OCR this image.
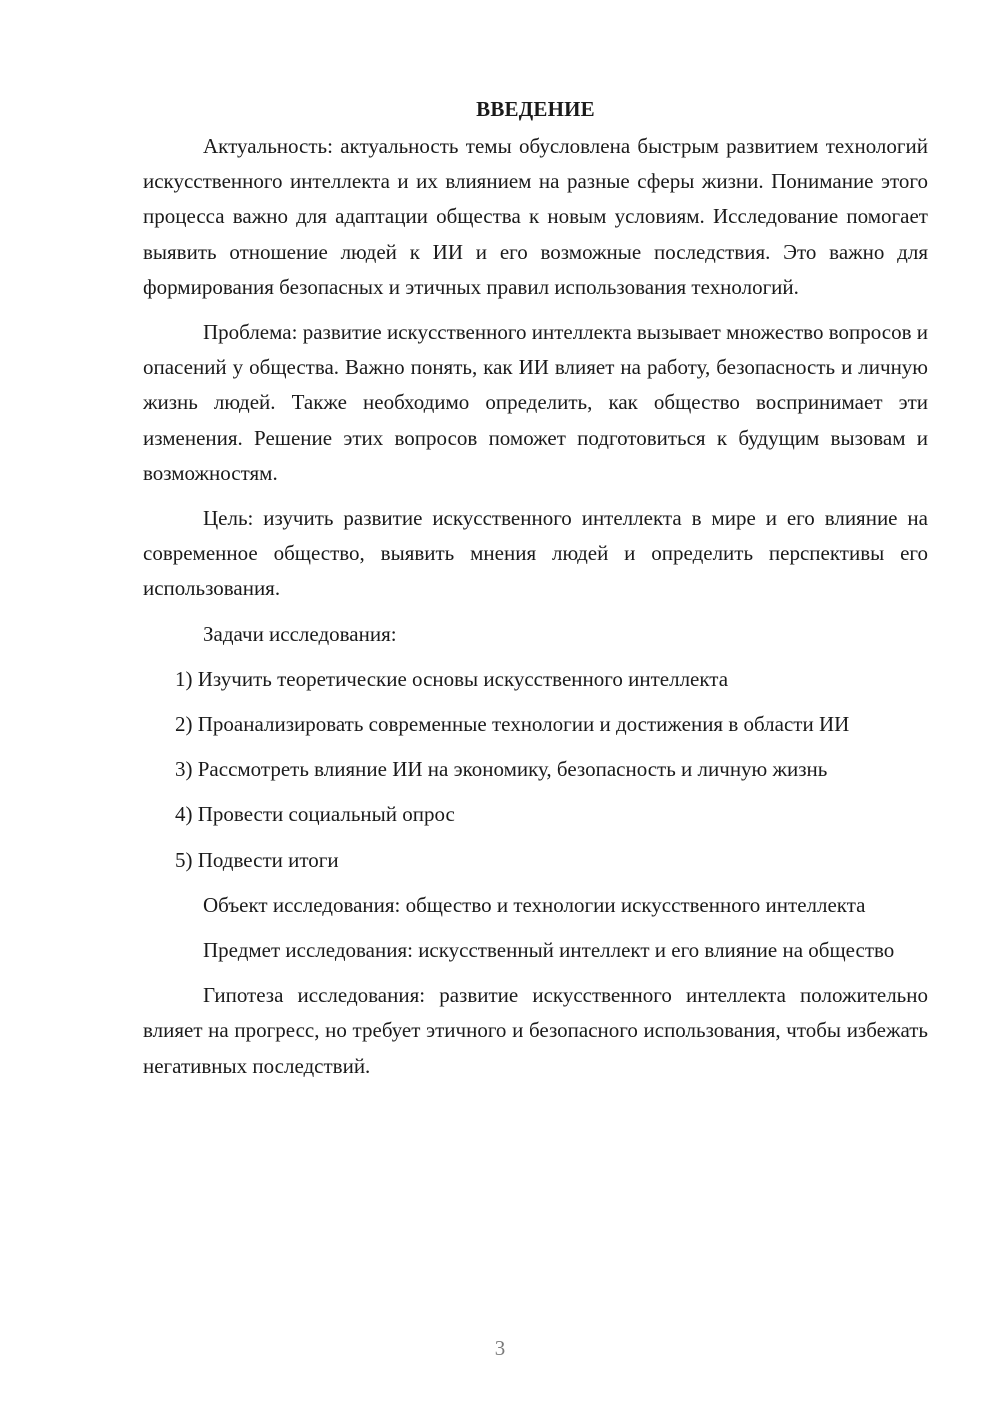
ВВЕДЕНИЕ

Актуальность: актуальность темы обусловлена быстрым развитием технологий искусственного интеллекта и их влиянием на разные сферы жизни. Понимание этого процесса важно для адаптации общества к новым условиям. Исследование помогает выявить отношение людей к ИИ и его возможные последствия. Это важно для формирования безопасных и этичных правил использования технологий.

Проблема: развитие искусственного интеллекта вызывает множество вопросов и опасений у общества. Важно понять, как ИИ влияет на работу, безопасность и личную жизнь людей. Также необходимо определить, как общество воспринимает эти изменения. Решение этих вопросов поможет подготовиться к будущим вызовам и возможностям.

Цель: изучить развитие искусственного интеллекта в мире и его влияние на современное общество, выявить мнения людей и определить перспективы его использования.

Задачи исследования:

1) Изучить теоретические основы искусственного интеллекта

2) Проанализировать современные технологии и достижения в области ИИ

3) Рассмотреть влияние ИИ на экономику, безопасность и личную жизнь

4) Провести социальный опрос

5) Подвести итоги

Объект исследования: общество и технологии искусственного интеллекта

Предмет исследования: искусственный интеллект и его влияние на общество

Гипотеза исследования: развитие искусственного интеллекта положительно влияет на прогресс, но требует этичного и безопасного использования, чтобы избежать негативных последствий.

3
